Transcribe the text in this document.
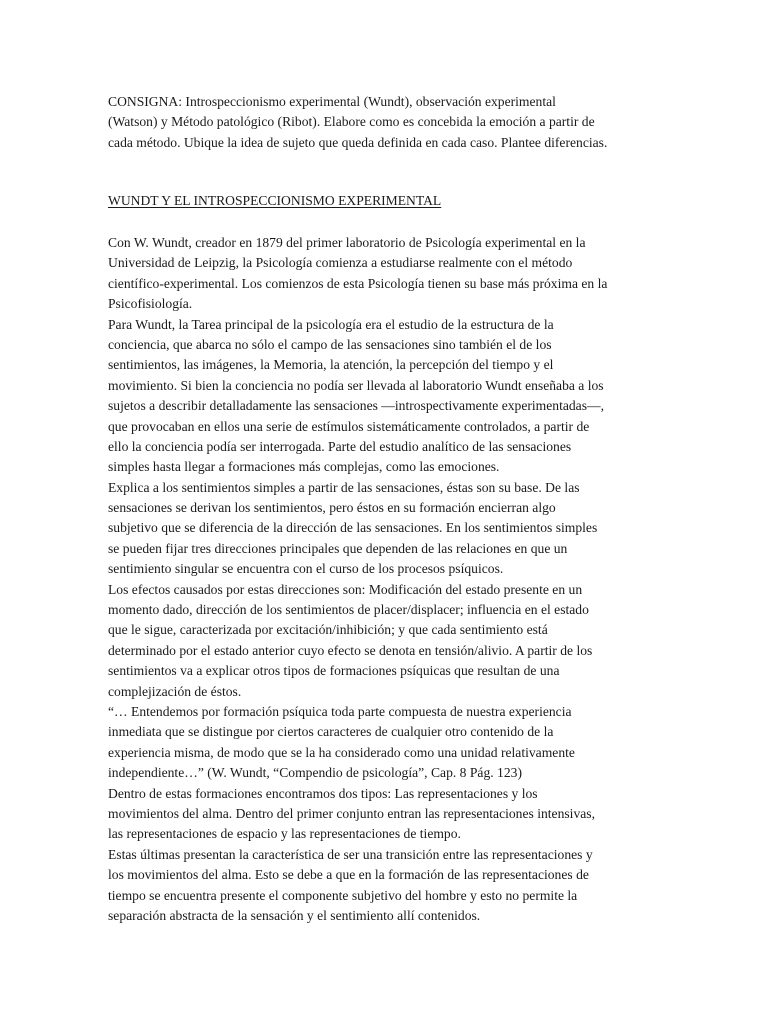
CONSIGNA: Introspeccionismo experimental (Wundt), observación experimental
(Watson) y Método patológico (Ribot). Elabore como es concebida la emoción a partir de
cada método. Ubique la idea de sujeto que queda definida en cada caso. Plantee diferencias.
WUNDT Y EL INTROSPECCIONISMO EXPERIMENTAL
Con W. Wundt, creador en 1879 del primer laboratorio de Psicología experimental en la
Universidad de Leipzig, la Psicología comienza a estudiarse realmente con el método
científico-experimental. Los comienzos de esta Psicología tienen su base más próxima en la
Psicofisiología.
Para Wundt, la Tarea principal de la psicología era el estudio de la estructura de la
conciencia, que abarca no sólo el campo de las sensaciones sino también el de los
sentimientos, las imágenes, la Memoria, la atención, la percepción del tiempo y el
movimiento. Si bien la conciencia no podía ser llevada al laboratorio Wundt enseñaba a los
sujetos a describir detalladamente las sensaciones —introspectivamente experimentadas—,
que provocaban en ellos una serie de estímulos sistemáticamente controlados, a partir de
ello la conciencia podía ser interrogada. Parte del estudio analítico de las sensaciones
simples hasta llegar a formaciones más complejas, como las emociones.
Explica a los sentimientos simples a partir de las sensaciones, éstas son su base. De las
sensaciones se derivan los sentimientos, pero éstos en su formación encierran algo
subjetivo que se diferencia de la dirección de las sensaciones. En los sentimientos simples
se pueden fijar tres direcciones principales que dependen de las relaciones en que un
sentimiento singular se encuentra con el curso de los procesos psíquicos.
Los efectos causados por estas direcciones son: Modificación del estado presente en un
momento dado, dirección de los sentimientos de placer/displacer; influencia en el estado
que le sigue, caracterizada por excitación/inhibición; y que cada sentimiento está
determinado por el estado anterior cuyo efecto se denota en tensión/alivio. A partir de los
sentimientos va a explicar otros tipos de formaciones psíquicas que resultan de una
complejización de éstos.
“… Entendemos por formación psíquica toda parte compuesta de nuestra experiencia
inmediata que se distingue por ciertos caracteres de cualquier otro contenido de la
experiencia misma, de modo que se la ha considerado como una unidad relativamente
independiente…” (W. Wundt, “Compendio de psicología”, Cap. 8 Pág. 123)
Dentro de estas formaciones encontramos dos tipos: Las representaciones y los
movimientos del alma. Dentro del primer conjunto entran las representaciones intensivas,
las representaciones de espacio y las representaciones de tiempo.
Estas últimas presentan la característica de ser una transición entre las representaciones y
los movimientos del alma. Esto se debe a que en la formación de las representaciones de
tiempo se encuentra presente el componente subjetivo del hombre y esto no permite la
separación abstracta de la sensación y el sentimiento allí contenidos.
